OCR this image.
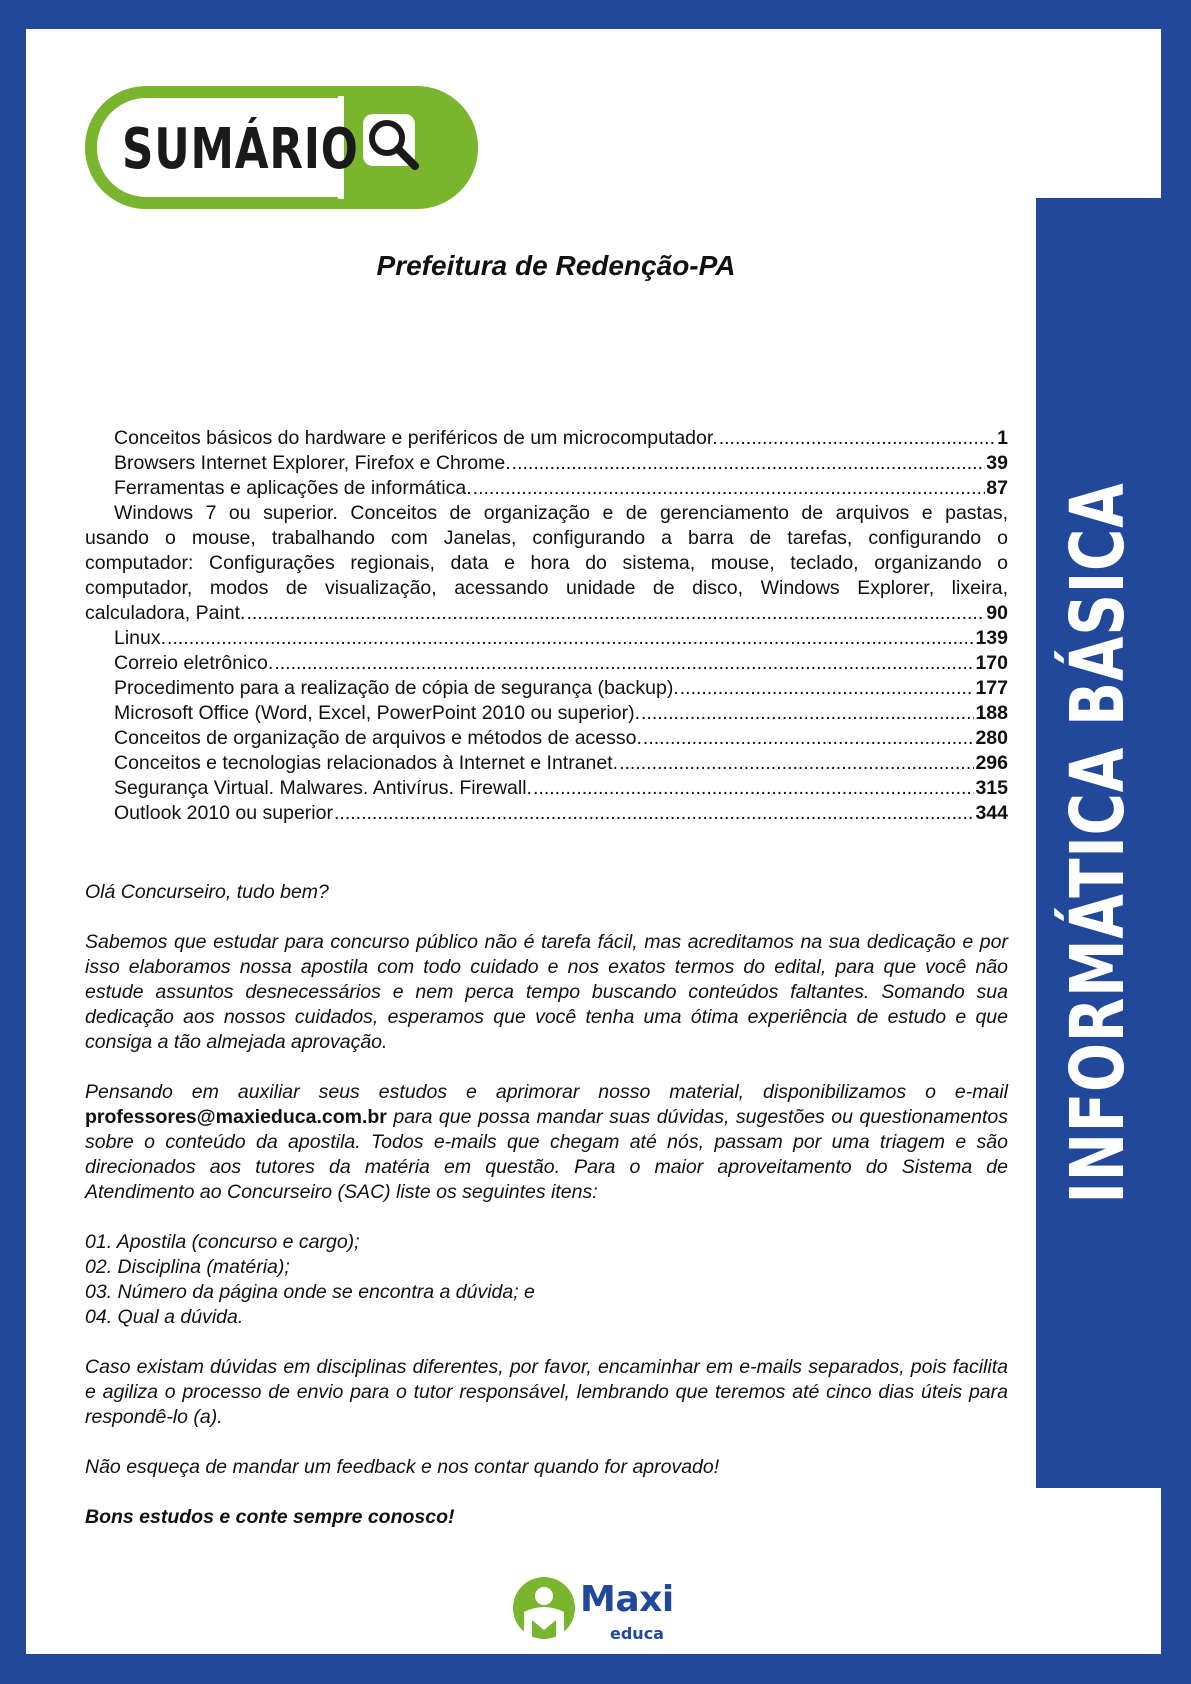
INFORMÁTICA BÁSICA
SUMÁRIO
Prefeitura de Redenção-PA
Conceitos básicos do hardware e periféricos de um microcomputador. .....	1
Browsers Internet Explorer, Firefox e Chrome. .....	39
Ferramentas e aplicações de informática. .....	87
Windows 7 ou superior. Conceitos de organização e de gerenciamento de arquivos e pastas,
usando o mouse, trabalhando com Janelas, configurando a barra de tarefas, configurando o
computador: Configurações regionais, data e hora do sistema, mouse, teclado, organizando o
computador, modos de visualização, acessando unidade de disco, Windows Explorer, lixeira,
calculadora, Paint. .....	90
Linux. .....	139
Correio eletrônico. .....	170
Procedimento para a realização de cópia de segurança (backup). .....	177
Microsoft Office (Word, Excel, PowerPoint 2010 ou superior). .....	188
Conceitos de organização de arquivos e métodos de acesso. .....	280
Conceitos e tecnologias relacionados à Internet e Intranet. .....	296
Segurança Virtual. Malwares. Antivírus. Firewall. .....	315
Outlook 2010 ou superior .....	344

Olá Concurseiro, tudo bem?

Sabemos que estudar para concurso público não é tarefa fácil, mas acreditamos na sua dedicação e por isso elaboramos nossa apostila com todo cuidado e nos exatos termos do edital, para que você não estude assuntos desnecessários e nem perca tempo buscando conteúdos faltantes. Somando sua dedicação aos nossos cuidados, esperamos que você tenha uma ótima experiência de estudo e que consiga a tão almejada aprovação.

Pensando em auxiliar seus estudos e aprimorar nosso material, disponibilizamos o e-mail professores@maxieduca.com.br para que possa mandar suas dúvidas, sugestões ou questionamentos sobre o conteúdo da apostila. Todos e-mails que chegam até nós, passam por uma triagem e são direcionados aos tutores da matéria em questão. Para o maior aproveitamento do Sistema de Atendimento ao Concurseiro (SAC) liste os seguintes itens:

01. Apostila (concurso e cargo);
02. Disciplina (matéria);
03. Número da página onde se encontra a dúvida; e
04. Qual a dúvida.

Caso existam dúvidas em disciplinas diferentes, por favor, encaminhar em e-mails separados, pois facilita e agiliza o processo de envio para o tutor responsável, lembrando que teremos até cinco dias úteis para respondê-lo (a).

Não esqueça de mandar um feedback e nos contar quando for aprovado!

Bons estudos e conte sempre conosco!

Maxi
educa
